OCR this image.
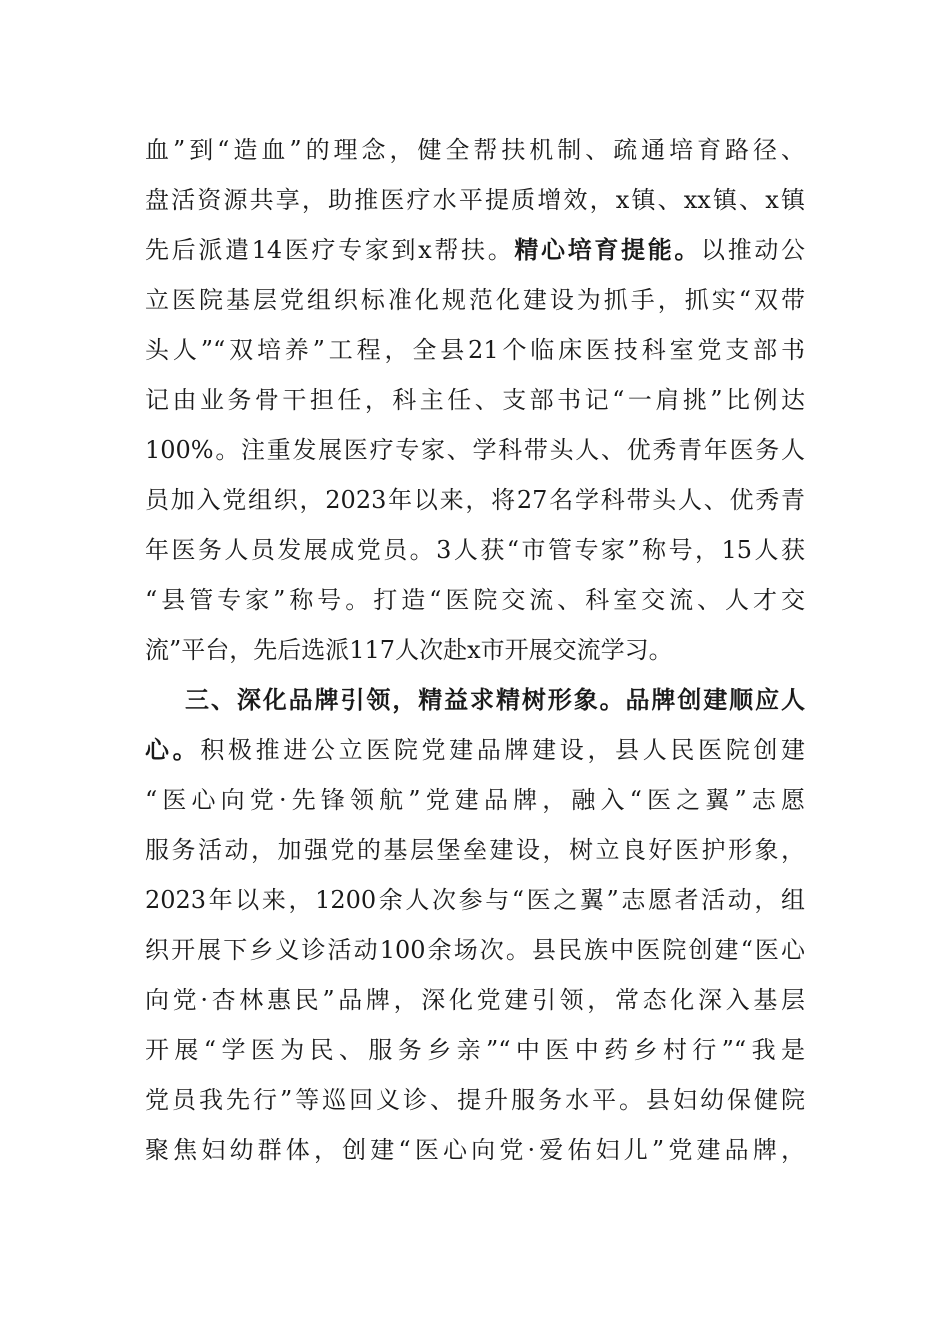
血”到“造血”的理念，健全帮扶机制、疏通培育路径、
盘活资源共享，助推医疗水平提质增效，x镇、xx镇、x镇
先后派遣14医疗专家到x帮扶。精心培育提能。以推动公
立医院基层党组织标准化规范化建设为抓手，抓实“双带
头人”“双培养”工程，全县21个临床医技科室党支部书
记由业务骨干担任，科主任、支部书记“一肩挑”比例达
100%。注重发展医疗专家、学科带头人、优秀青年医务人
员加入党组织，2023年以来，将27名学科带头人、优秀青
年医务人员发展成党员。3人获“市管专家”称号，15人获
“县管专家”称号。打造“医院交流、科室交流、人才交
流”平台，先后选派117人次赴x市开展交流学习。
三、深化品牌引领，精益求精树形象。品牌创建顺应人
心。积极推进公立医院党建品牌建设，县人民医院创建
“医心向党·先锋领航”党建品牌，融入“医之翼”志愿
服务活动，加强党的基层堡垒建设，树立良好医护形象，
2023年以来，1200余人次参与“医之翼”志愿者活动，组
织开展下乡义诊活动100余场次。县民族中医院创建“医心
向党·杏林惠民”品牌，深化党建引领，常态化深入基层
开展“学医为民、服务乡亲”“中医中药乡村行”“我是
党员我先行”等巡回义诊、提升服务水平。县妇幼保健院
聚焦妇幼群体，创建“医心向党·爱佑妇儿”党建品牌，
